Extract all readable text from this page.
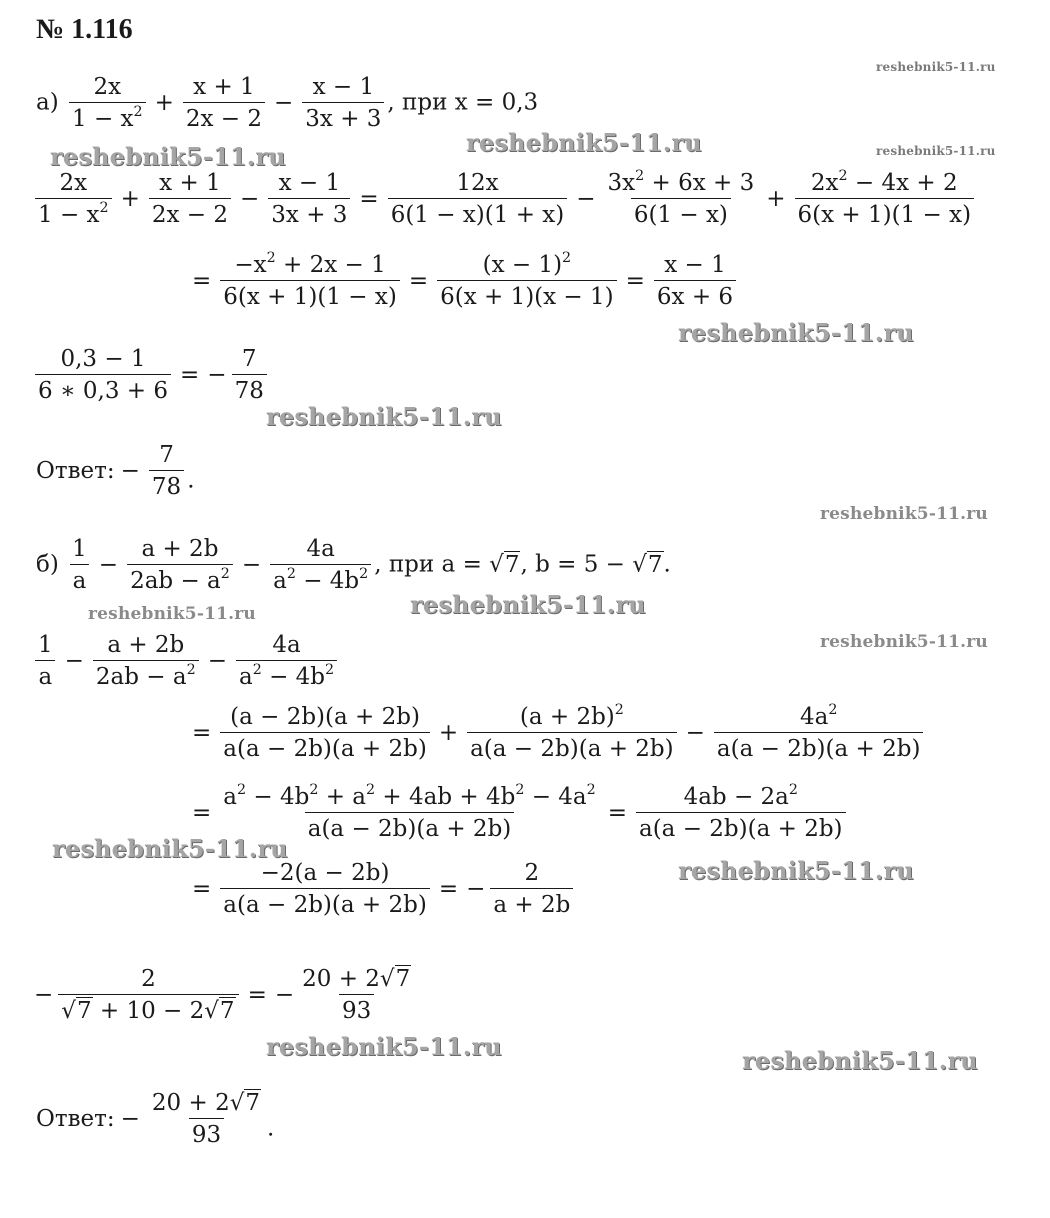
№ 1.116
$а) \frac{2x}{1 - x^2} + \frac{x + 1}{2x - 2} - \frac{x - 1}{3x + 3}$ , при x = 0,3
$\frac{2x}{1 - x^2} + \frac{x + 1}{2x - 2} - \frac{x - 1}{3x + 3} = \frac{12x}{6(1 - x)(1 + x)} - \frac{3x^2 + 6x + 3}{6(1 - x)} + \frac{2x^2 - 4x + 2}{6(x + 1)(1 - x)}$
= $\frac{-x^2 + 2x - 1}{6(x + 1)(1 - x)} = \frac{(x - 1)^2}{6(x + 1)(x - 1)} = \frac{x - 1}{6x + 6}$
$\frac{0,3 - 1}{6 ∗ 0,3 + 6}$ = − $\frac{7}{78}$
Ответ: − $\frac{7}{78}$ .
$б) \frac{1}{a} - \frac{a + 2b}{2ab - a^2} - \frac{4a}{a^2 - 4b^2}$ , при a = √7, b = 5 − √7.
$\frac{1}{a} - \frac{a + 2b}{2ab - a^2} - \frac{4a}{a^2 - 4b^2}$
= $\frac{(a - 2b)(a + 2b)}{a(a - 2b)(a + 2b)} + \frac{(a + 2b)^2}{a(a - 2b)(a + 2b)} - \frac{4a^2}{a(a - 2b)(a + 2b)}$
= $\frac{a^2 - 4b^2 + a^2 + 4ab + 4b^2 - 4a^2}{a(a - 2b)(a + 2b)} = \frac{4ab - 2a^2}{a(a - 2b)(a + 2b)}$
= $\frac{-2(a - 2b)}{a(a - 2b)(a + 2b)}$ = − $\frac{2}{a + 2b}$
− $\frac{2}{√7 + 10 - 2√7}$ = − $\frac{20 + 2√7}{93}$
Ответ: − $\frac{20 + 2√7}{93}$ .
reshebnik5-11.ru
reshebnik5-11.ru	reshebnik5-11.ru	reshebnik5-11.ru
reshebnik5-11.ru
reshebnik5-11.ru
reshebnik5-11.ru
reshebnik5-11.ru	reshebnik5-11.ru
reshebnik5-11.ru
reshebnik5-11.ru
reshebnik5-11.ru
reshebnik5-11.ru	reshebnik5-11.ru
